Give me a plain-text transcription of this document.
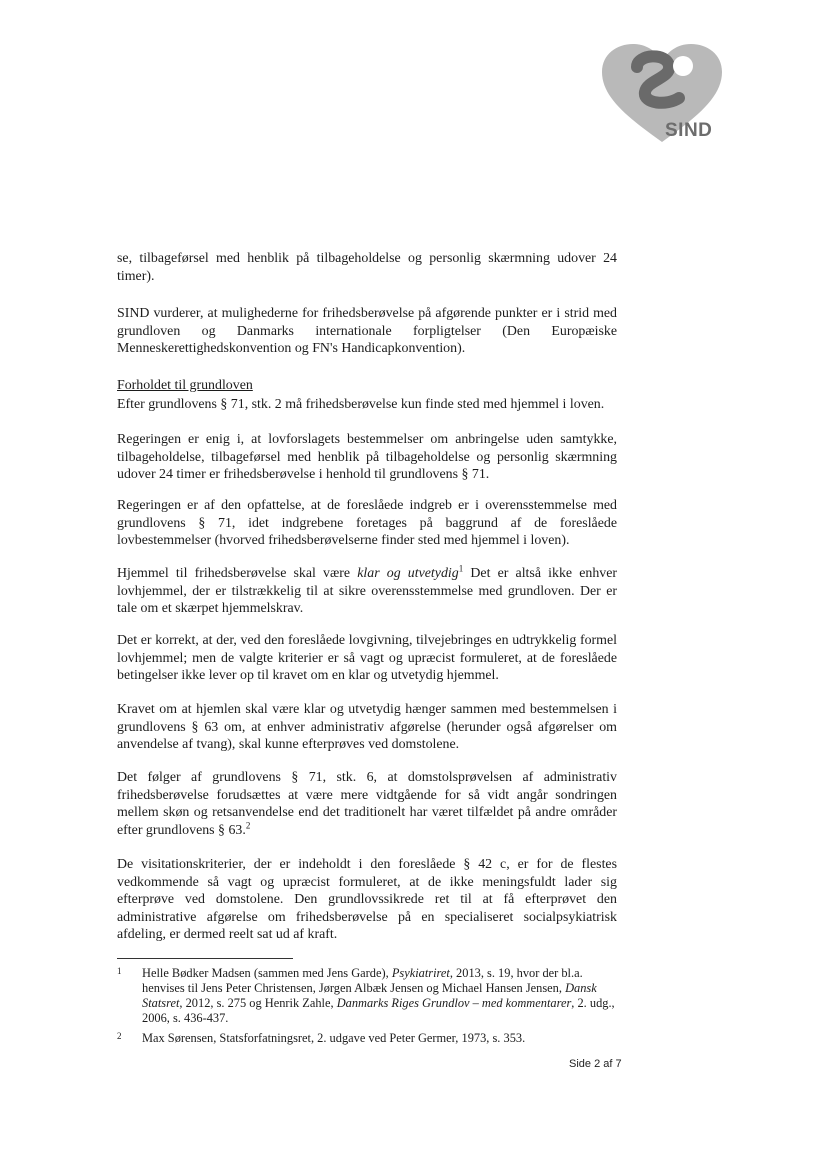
SIND
se, tilbageførsel med henblik på tilbageholdelse og personlig skærmning udover 24 timer).
SIND vurderer, at mulighederne for frihedsberøvelse på afgørende punkter er i strid med grundloven og Danmarks internationale forpligtelser (Den Europæiske Menneskerettighedskonvention og FN's Handicapkonvention).
Forholdet til grundloven
Efter grundlovens § 71, stk. 2 må frihedsberøvelse kun finde sted med hjemmel i loven.
Regeringen er enig i, at lovforslagets bestemmelser om anbringelse uden samtykke, tilbageholdelse, tilbageførsel med henblik på tilbageholdelse og personlig skærmning udover 24 timer er frihedsberøvelse i henhold til grundlovens § 71.
Regeringen er af den opfattelse, at de foreslåede indgreb er i overensstemmelse med grundlovens § 71, idet indgrebene foretages på baggrund af de foreslåede lovbestemmelser (hvorved frihedsberøvelserne finder sted med hjemmel i loven).
Hjemmel til frihedsberøvelse skal være klar og utvetydig$^1$ Det er altså ikke enhver lovhjemmel, der er tilstrækkelig til at sikre overensstemmelse med grundloven. Der er tale om et skærpet hjemmelskrav.
Det er korrekt, at der, ved den foreslåede lovgivning, tilvejebringes en udtrykkelig formel lovhjemmel; men de valgte kriterier er så vagt og upræcist formuleret, at de foreslåede betingelser ikke lever op til kravet om en klar og utvetydig hjemmel.
Kravet om at hjemlen skal være klar og utvetydig hænger sammen med bestemmelsen i grundlovens § 63 om, at enhver administrativ afgørelse (herunder også afgørelser om anvendelse af tvang), skal kunne efterprøves ved domstolene.
Det følger af grundlovens § 71, stk. 6, at domstolsprøvelsen af administrativ frihedsberøvelse forudsættes at være mere vidtgående for så vidt angår sondringen mellem skøn og retsanvendelse end det traditionelt har været tilfældet på andre områder efter grundlovens § 63.$^2$
De visitationskriterier, der er indeholdt i den foreslåede § 42 c, er for de flestes vedkommende så vagt og upræcist formuleret, at de ikke meningsfuldt lader sig efterprøve ved domstolene. Den grundlovssikrede ret til at få efterprøvet den administrative afgørelse om frihedsberøvelse på en specialiseret socialpsykiatrisk afdeling, er dermed reelt sat ud af kraft.
1 Helle Bødker Madsen (sammen med Jens Garde), Psykiatriret, 2013, s. 19, hvor der bl.a. henvises til Jens Peter Christensen, Jørgen Albæk Jensen og Michael Hansen Jensen, Dansk Statsret, 2012, s. 275 og Henrik Zahle, Danmarks Riges Grundlov – med kommentarer, 2. udg., 2006, s. 436-437.
2 Max Sørensen, Statsforfatningsret, 2. udgave ved Peter Germer, 1973, s. 353.
Side 2 af 7
